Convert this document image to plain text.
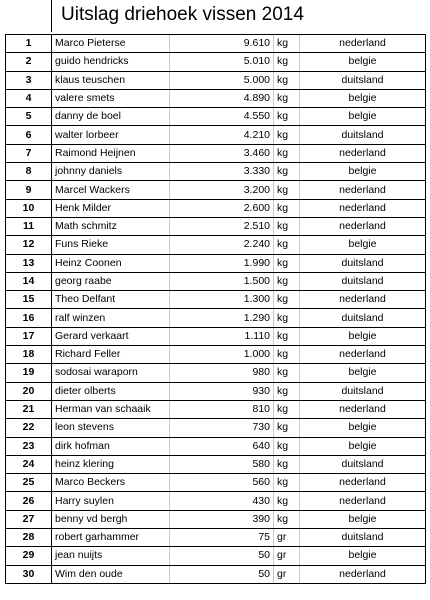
Uitslag driehoek vissen 2014
1	Marco Pieterse	9.610	kg	nederland
2	guido hendricks	5.010	kg	belgie
3	klaus teuschen	5.000	kg	duitsland
4	valere smets	4.890	kg	belgie
5	danny de boel	4.550	kg	belgie
6	walter lorbeer	4.210	kg	duitsland
7	Raimond Heijnen	3.460	kg	nederland
8	johnny daniels	3.330	kg	belgie
9	Marcel Wackers	3.200	kg	nederland
10	Henk Milder	2.600	kg	nederland
11	Math schmitz	2.510	kg	nederland
12	Funs Rieke	2.240	kg	belgie
13	Heinz Coonen	1.990	kg	duitsland
14	georg raabe	1.500	kg	duitsland
15	Theo Delfant	1.300	kg	nederland
16	ralf winzen	1.290	kg	duitsland
17	Gerard verkaart	1.110	kg	belgie
18	Richard Feller	1.000	kg	nederland
19	sodosai waraporn	980	kg	belgie
20	dieter olberts	930	kg	duitsland
21	Herman van schaaik	810	kg	nederland
22	leon stevens	730	kg	belgie
23	dirk hofman	640	kg	belgie
24	heinz klering	580	kg	duitsland
25	Marco Beckers	560	kg	nederland
26	Harry suylen	430	kg	nederland
27	benny vd bergh	390	kg	belgie
28	robert garhammer	75	gr	duitsland
29	jean nuijts	50	gr	belgie
30	Wim den oude	50	gr	nederland
